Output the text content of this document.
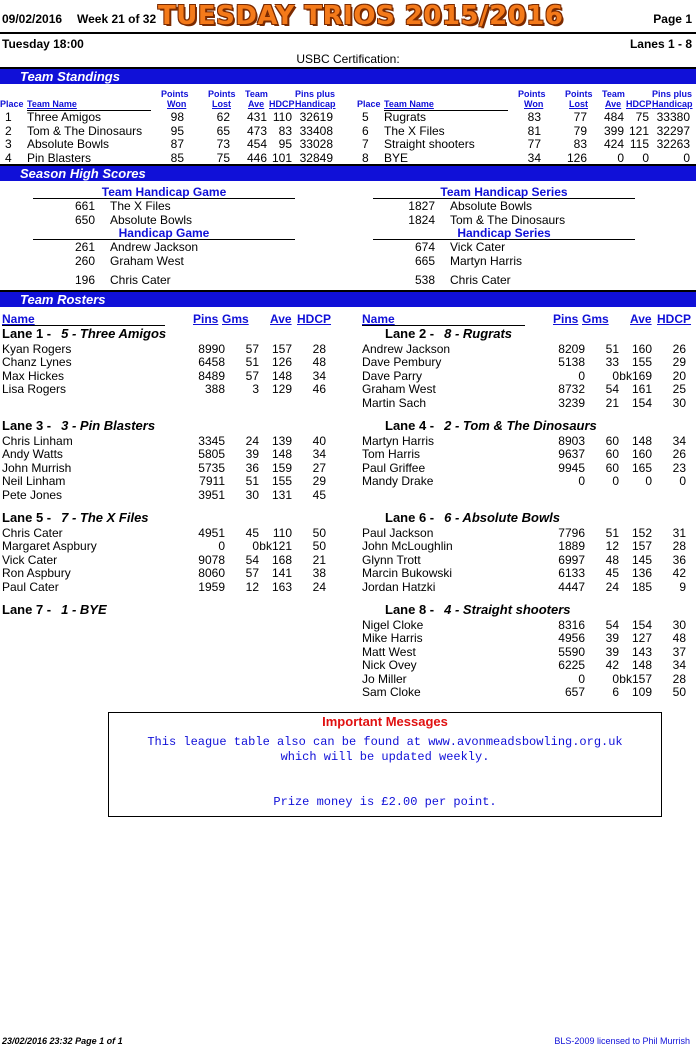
09/02/2016 Week 21 of 32 TUESDAY TRIOS 2015/2016	Page 1
Tuesday 18:00	Lanes 1 - 8
USBC Certification:
Team Standings
Place Team Name
Points
Won
Points
Lost
Team
Ave HDCP
Pins plus
Handicap
1 Three Amigos	98	62	431 110 32619
2 Tom & The Dinosaurs	95	65	473 83 33408
3 Absolute Bowls	87	73	454 95 33028
4 Pin Blasters	85	75	446 101 32849
Place Team Name
Points
Won
Points
Lost
Team
Ave HDCP
Pins plus
Handicap
5 Rugrats	83	77	484 75 33380
6 The X Files	81	79	399 121 32297
7 Straight shooters	77	83	424 115 32263
8 BYE	34	126	0	0	0
Season High Scores
Team Handicap Game
661 The X Files
650 Absolute Bowls
Team Handicap Series
1827 Absolute Bowls
1824 Tom & The Dinosaurs
Handicap Game
261 Andrew Jackson
260 Graham West
196 Chris Cater
Handicap Series
674 Vick Cater
665 Martyn Harris
538 Chris Cater
Team Rosters
Name	Pins Gms Ave HDCP	Name	Pins Gms Ave HDCP
Lane 1 - 5 - Three Amigos
Kyan Rogers	8990	57	157	28
Chanz Lynes	6458	51	126	48
Max Hickes	8489	57	148	34
Lisa Rogers	388	3	129	46
Lane 2 - 8 - Rugrats
Andrew Jackson	8209	51	160	26
Dave Pembury	5138	33	155	29
Dave Parry	0	0 bk169	20
Graham West	8732	54	161	25
Martin Sach	3239	21	154	30
Lane 3 - 3 - Pin Blasters
Chris Linham	3345	24	139	40
Andy Watts	5805	39	148	34
John Murrish	5735	36	159	27
Neil Linham	7911	51	155	29
Pete Jones	3951	30	131	45
Lane 4 - 2 - Tom & The Dinosaurs
Martyn Harris	8903	60	148	34
Tom Harris	9637	60	160	26
Paul Griffee	9945	60	165	23
Mandy Drake	0	0	0	0
Lane 5 - 7 - The X Files
Chris Cater	4951	45	110	50
Margaret Aspbury	0	0 bk121	50
Vick Cater	9078	54	168	21
Ron Aspbury	8060	57	141	38
Paul Cater	1959	12	163	24
Lane 6 - 6 - Absolute Bowls
Paul Jackson	7796	51	152	31
John McLoughlin	1889	12	157	28
Glynn Trott	6997	48	145	36
Marcin Bukowski	6133	45	136	42
Jordan Hatzki	4447	24	185	9
Lane 7 - 1 - BYE	Lane 8 - 4 - Straight shooters
Nigel Cloke	8316	54	154	30
Mike Harris	4956	39	127	48
Matt West	5590	39	143	37
Nick Ovey	6225	42	148	34
Jo Miller	0	0 bk157	28
Sam Cloke	657	6	109	50
Important Messages
This league table also can be found at www.avonmeadsbowling.org.uk
which will be updated weekly.
Prize money is £2.00 per point.
23/02/2016 23:32 Page 1 of 1	BLS-2009 licensed to Phil Murrish
